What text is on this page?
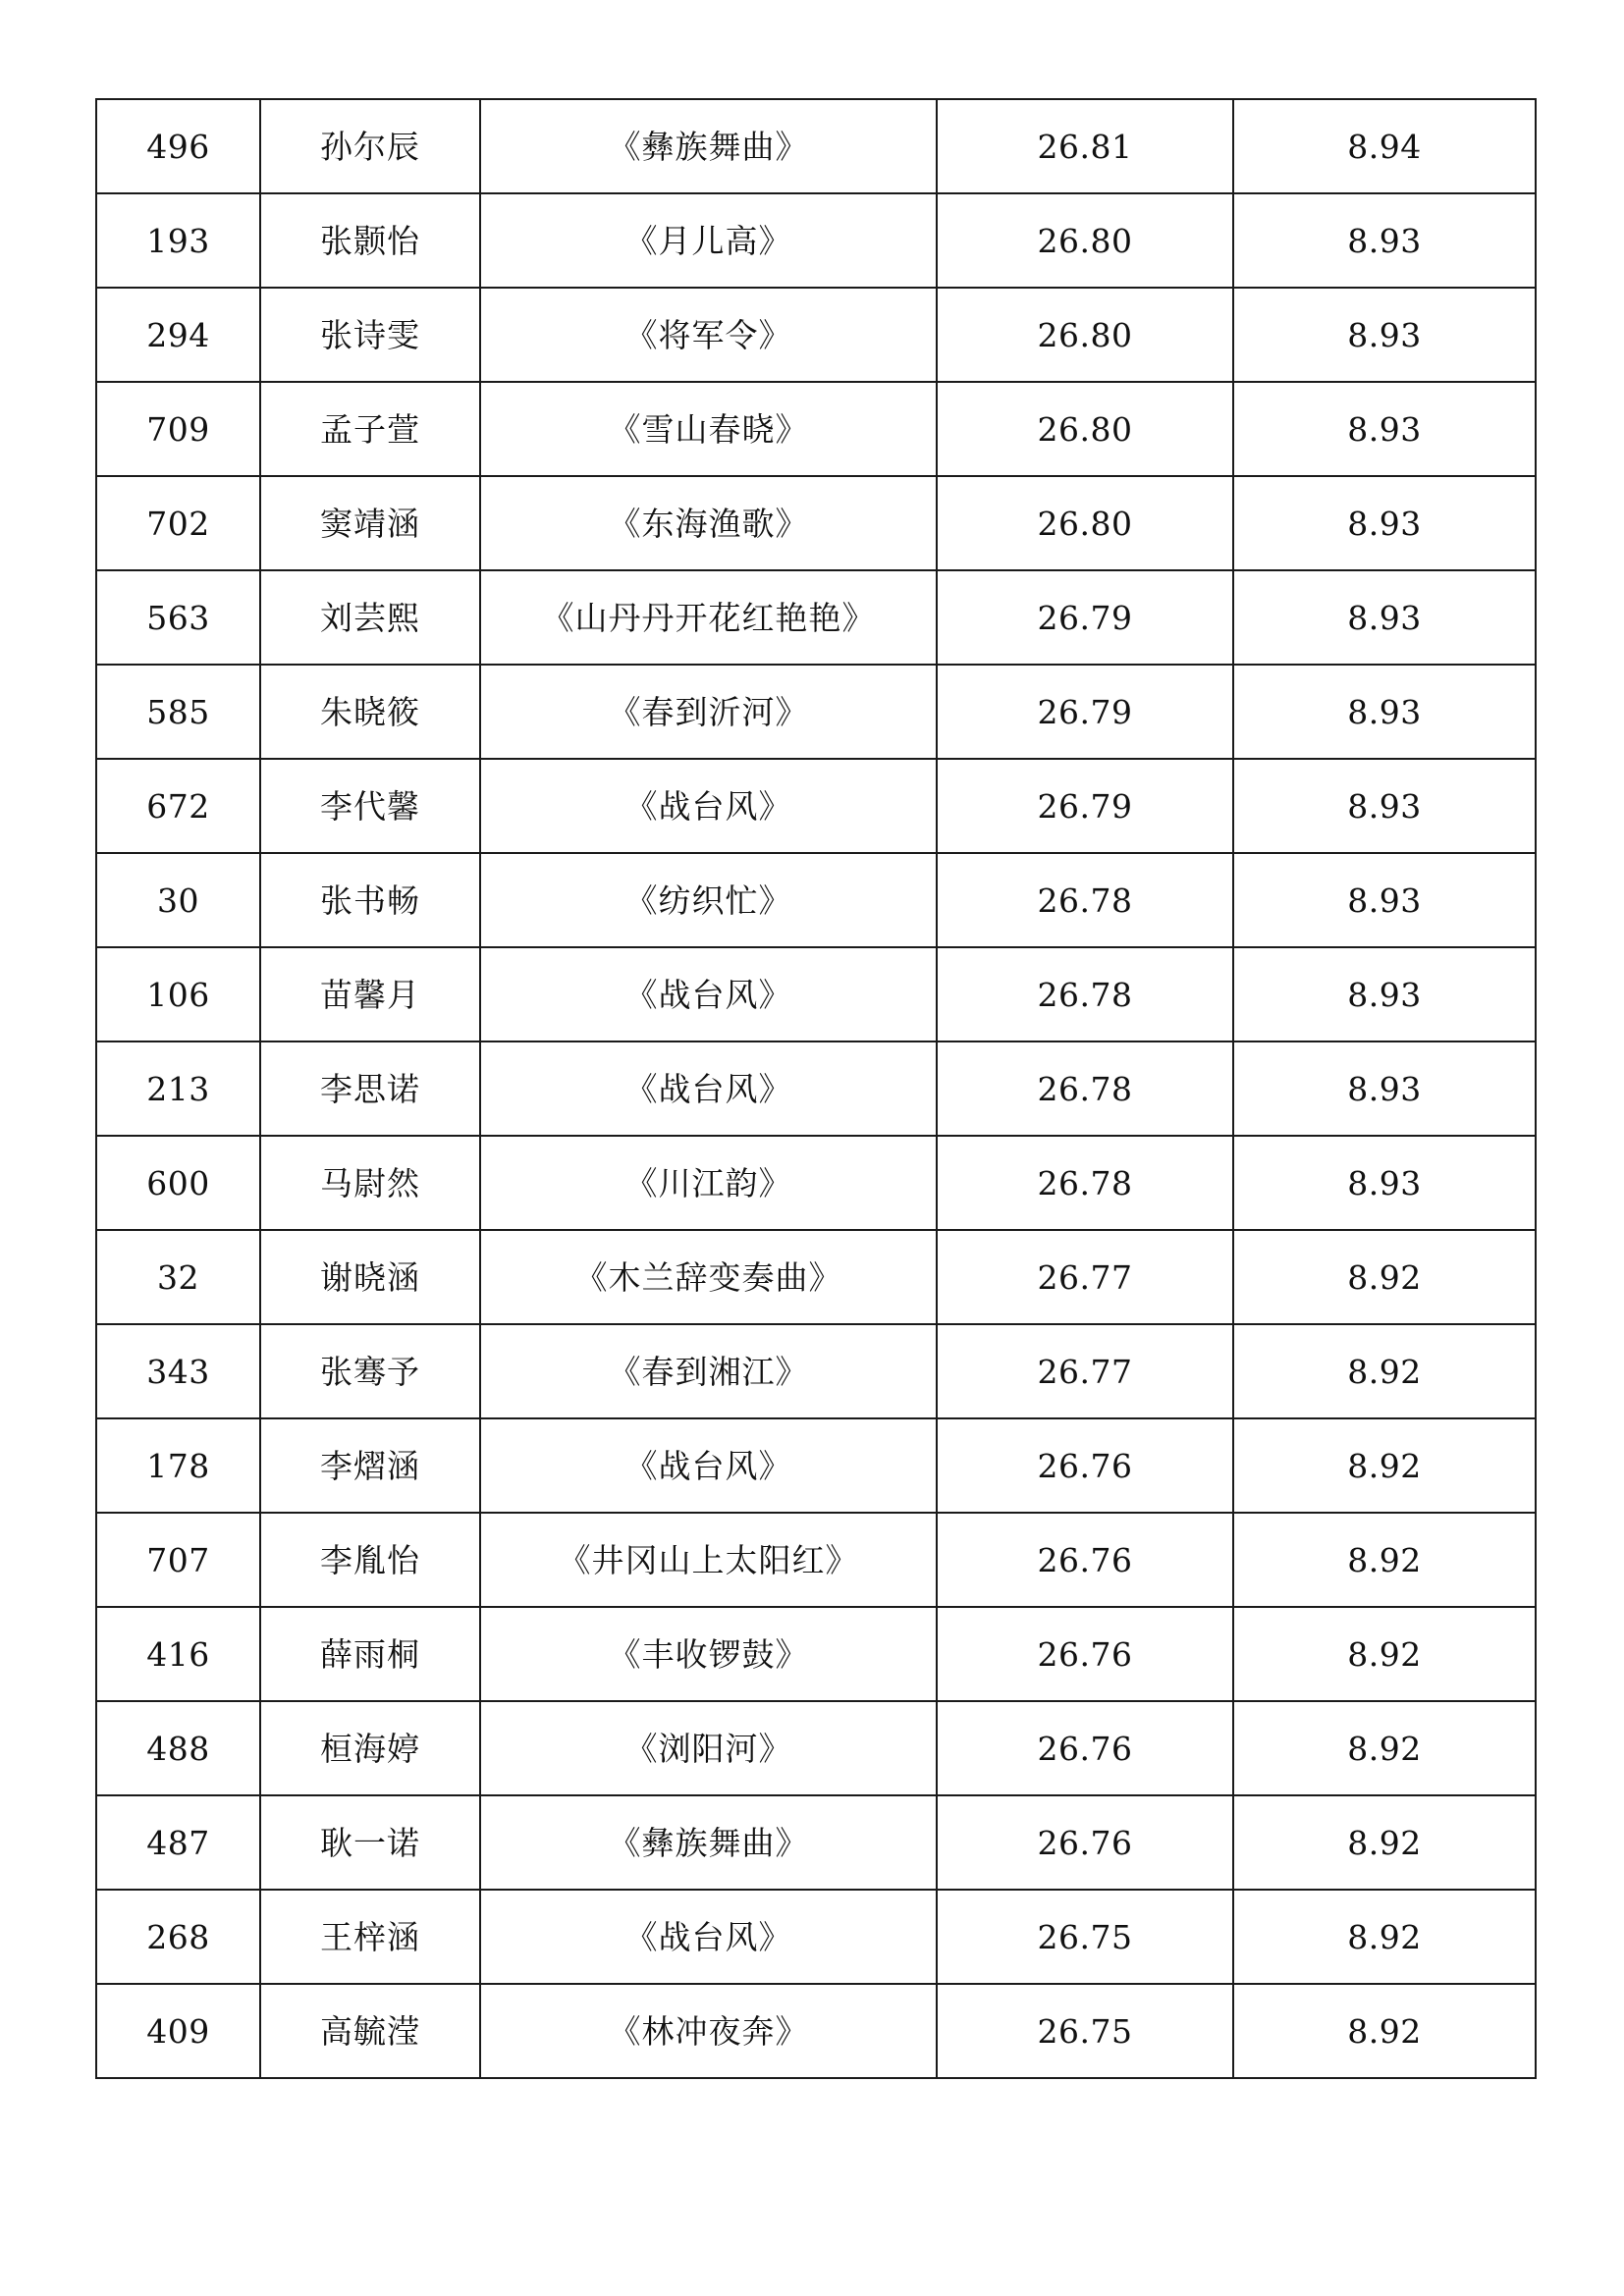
496	孙尔辰	《彝族舞曲》	26.81	8.94
193	张颢怡	《月儿高》	26.80	8.93
294	张诗雯	《将军令》	26.80	8.93
709	孟子萱	《雪山春晓》	26.80	8.93
702	窦靖涵	《东海渔歌》	26.80	8.93
563	刘芸熙	《山丹丹开花红艳艳》	26.79	8.93
585	朱晓筱	《春到沂河》	26.79	8.93
672	李代馨	《战台风》	26.79	8.93
30	张书畅	《纺织忙》	26.78	8.93
106	苗馨月	《战台风》	26.78	8.93
213	李思诺	《战台风》	26.78	8.93
600	马尉然	《川江韵》	26.78	8.93
32	谢晓涵	《木兰辞变奏曲》	26.77	8.92
343	张骞予	《春到湘江》	26.77	8.92
178	李熠涵	《战台风》	26.76	8.92
707	李胤怡	《井冈山上太阳红》	26.76	8.92
416	薛雨桐	《丰收锣鼓》	26.76	8.92
488	桓海婷	《浏阳河》	26.76	8.92
487	耿一诺	《彝族舞曲》	26.76	8.92
268	王梓涵	《战台风》	26.75	8.92
409	高毓滢	《林冲夜奔》	26.75	8.92
